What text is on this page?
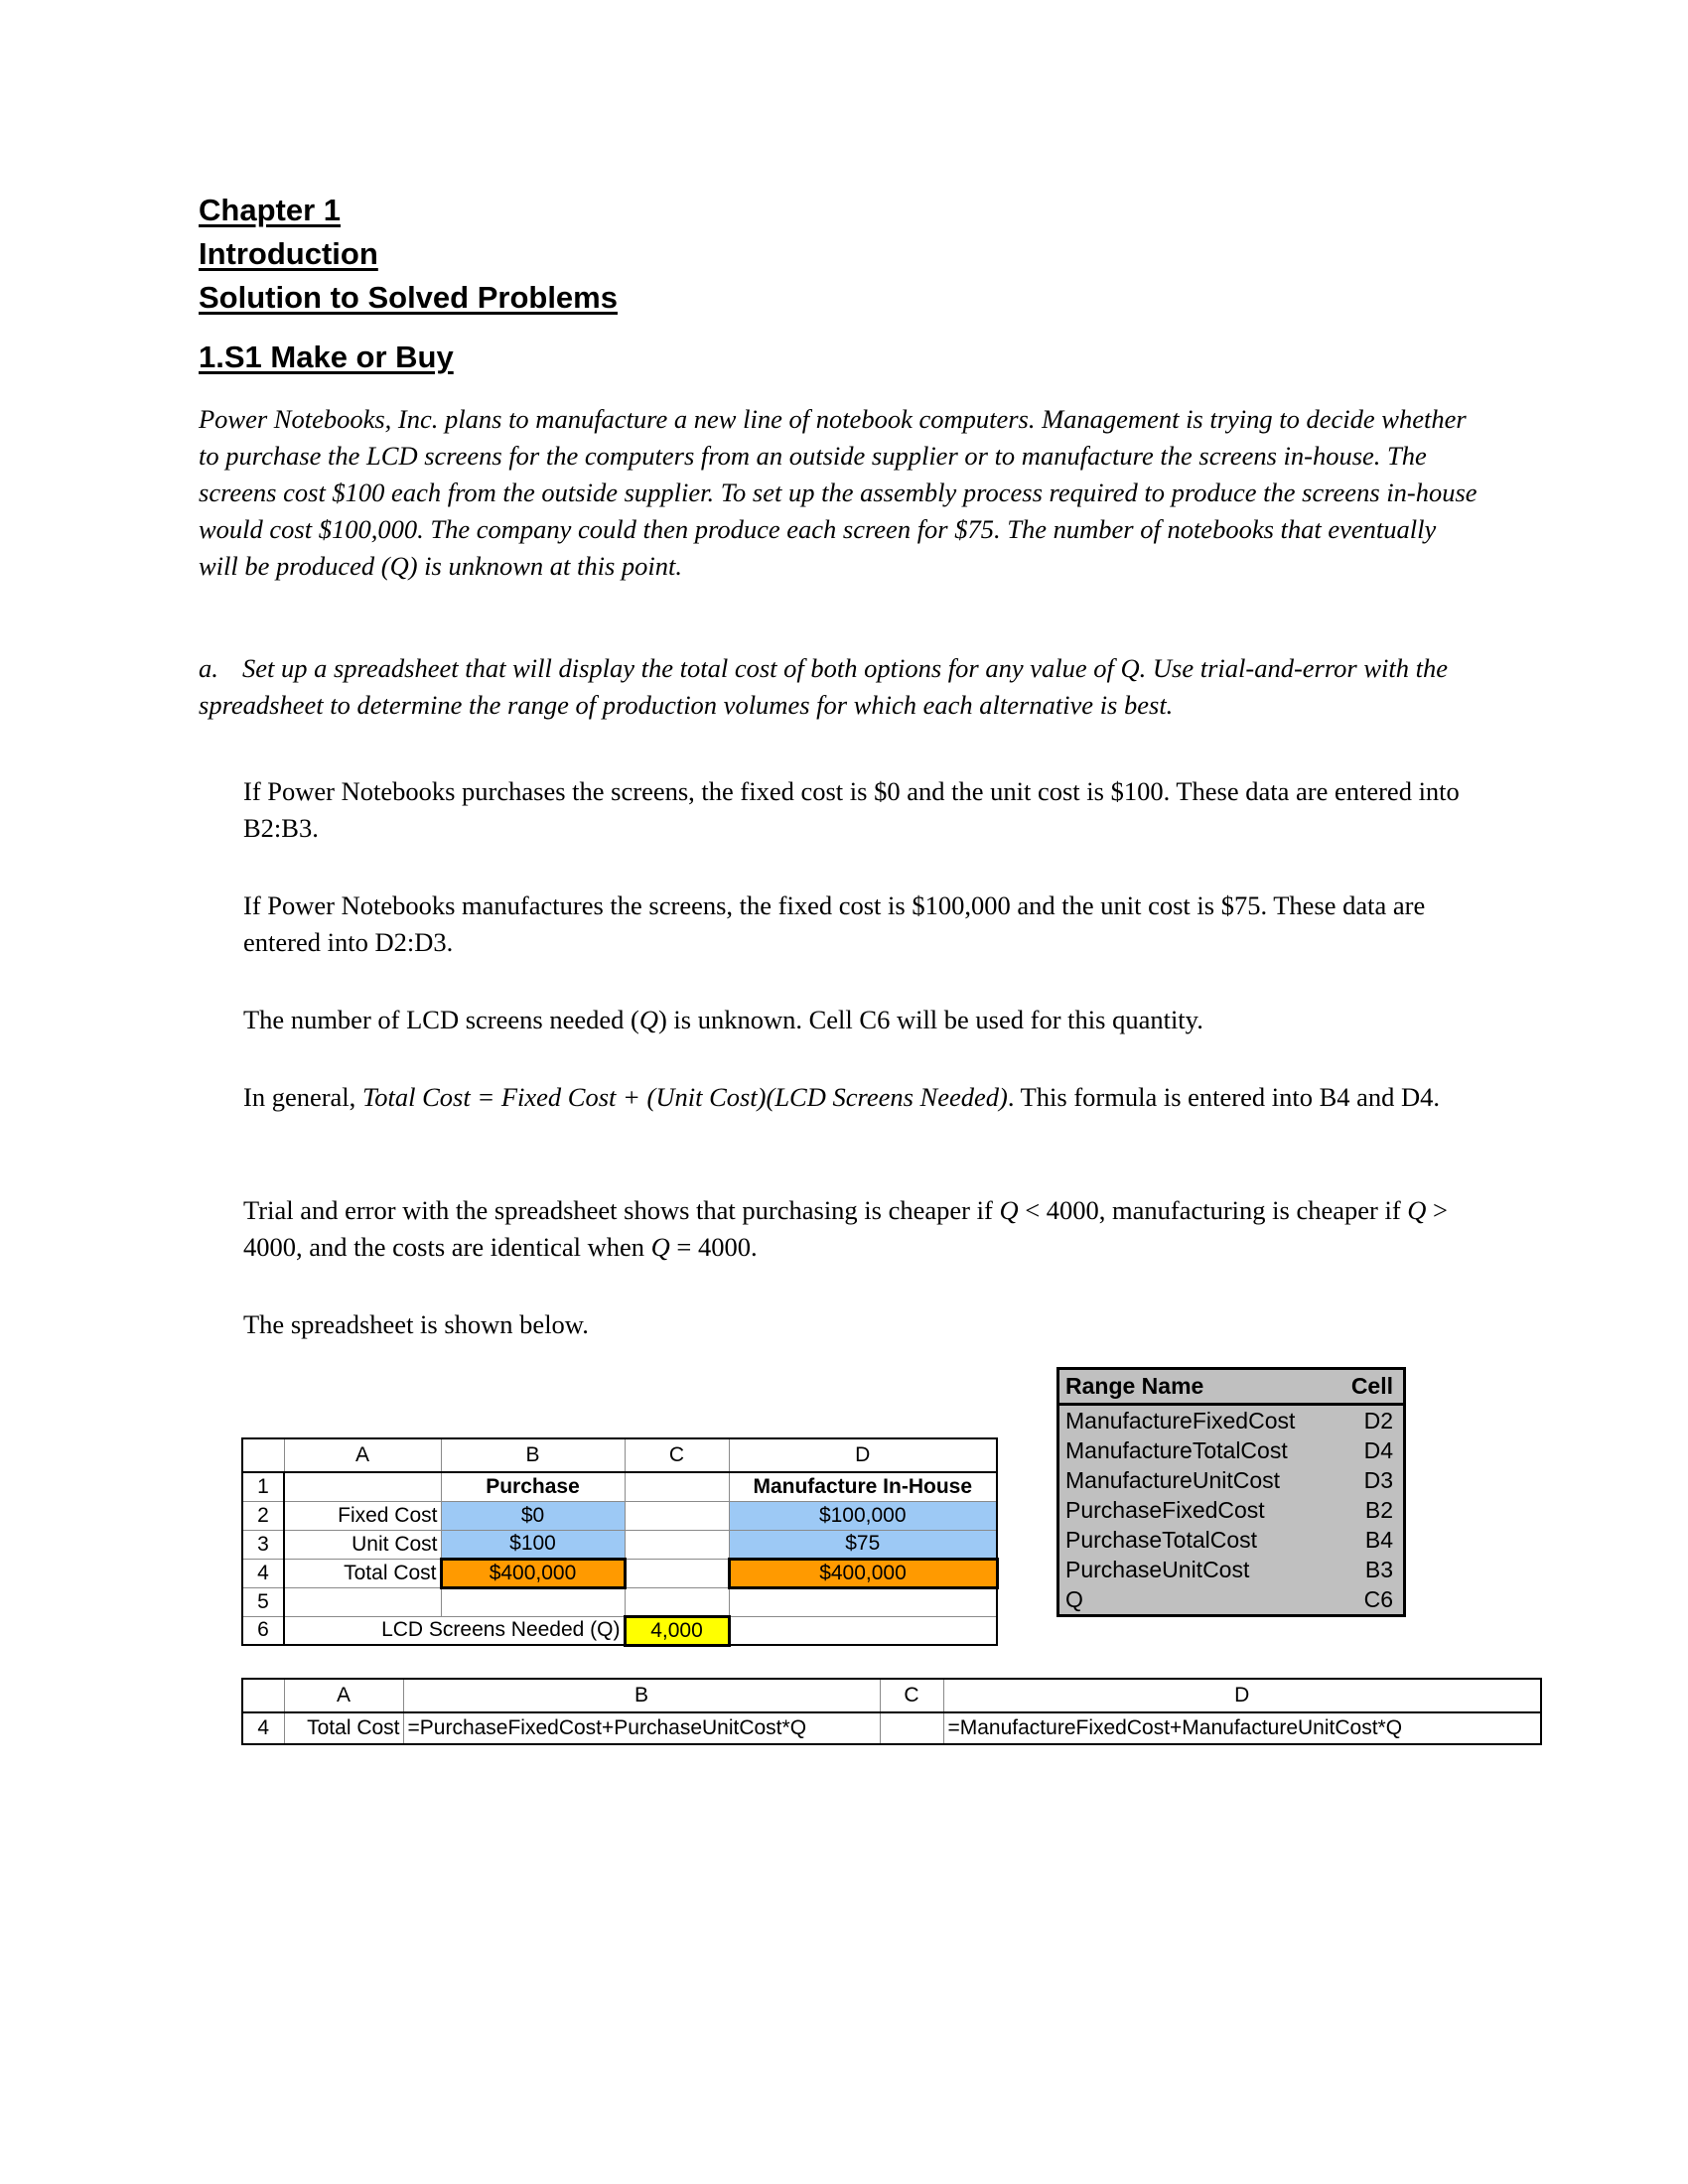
Chapter 1
Introduction
Solution to Solved Problems
1.S1 Make or Buy
Power Notebooks, Inc. plans to manufacture a new line of notebook computers. Management is trying to decide whether to purchase the LCD screens for the computers from an outside supplier or to manufacture the screens in-house. The screens cost $100 each from the outside supplier. To set up the assembly process required to produce the screens in-house would cost $100,000. The company could then produce each screen for $75. The number of notebooks that eventually will be produced (Q) is unknown at this point.
a. Set up a spreadsheet that will display the total cost of both options for any value of Q. Use trial-and-error with the spreadsheet to determine the range of production volumes for which each alternative is best.
If Power Notebooks purchases the screens, the fixed cost is $0 and the unit cost is $100. These data are entered into B2:B3.
If Power Notebooks manufactures the screens, the fixed cost is $100,000 and the unit cost is $75. These data are entered into D2:D3.
The number of LCD screens needed (Q) is unknown. Cell C6 will be used for this quantity.
In general, Total Cost = Fixed Cost + (Unit Cost)(LCD Screens Needed). This formula is entered into B4 and D4.
Trial and error with the spreadsheet shows that purchasing is cheaper if Q < 4000, manufacturing is cheaper if Q > 4000, and the costs are identical when Q = 4000.
The spreadsheet is shown below.
	A	B	C	D
1		Purchase		Manufacture In-House
2	Fixed Cost	$0		$100,000
3	Unit Cost	$100		$75
4	Total Cost	$400,000		$400,000
5				
6	LCD Screens Needed (Q)		4,000	
Range Name	Cell
ManufactureFixedCost	D2
ManufactureTotalCost	D4
ManufactureUnitCost	D3
PurchaseFixedCost	B2
PurchaseTotalCost	B4
PurchaseUnitCost	B3
Q	C6
	A	B	C	D
4	Total Cost	=PurchaseFixedCost+PurchaseUnitCost*Q		=ManufactureFixedCost+ManufactureUnitCost*Q
